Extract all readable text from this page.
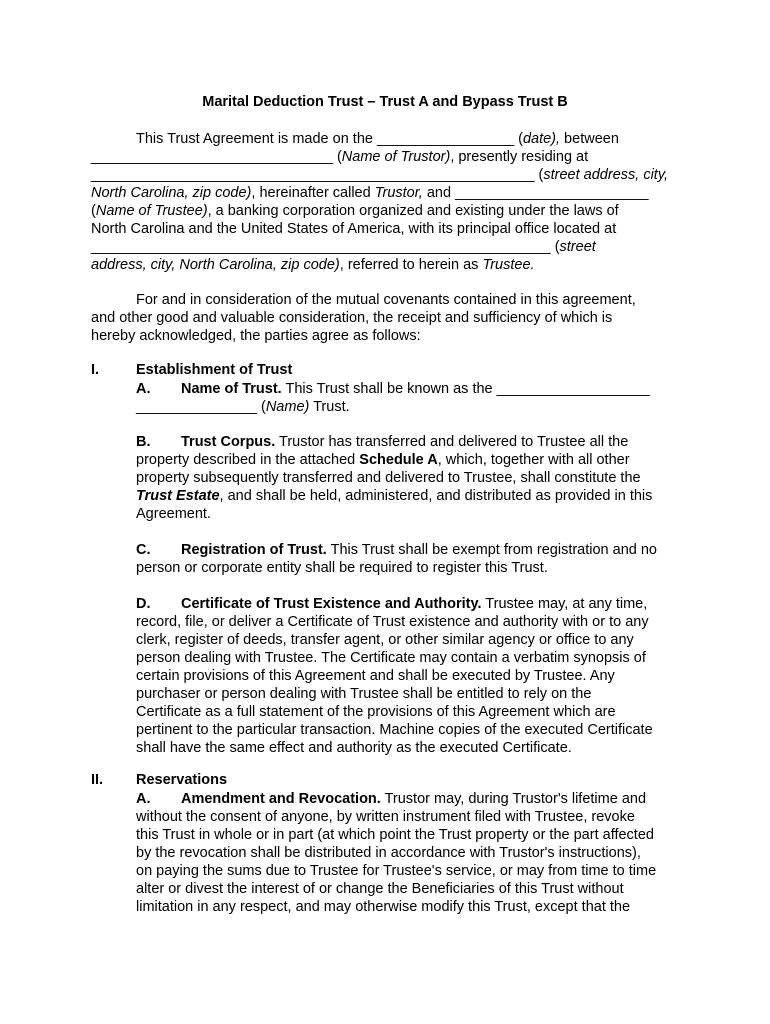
Marital Deduction Trust – Trust A and Bypass Trust B
This Trust Agreement is made on the _________________ (date), between
______________________________ (Name of Trustor), presently residing at
_______________________________________________________ (street address, city,
North Carolina, zip code), hereinafter called Trustor, and ________________________
(Name of Trustee), a banking corporation organized and existing under the laws of
North Carolina and the United States of America, with its principal office located at
_________________________________________________________ (street
address, city, North Carolina, zip code), referred to herein as Trustee.
For and in consideration of the mutual covenants contained in this agreement,
and other good and valuable consideration, the receipt and sufficiency of which is
hereby acknowledged, the parties agree as follows:
I.	Establishment of Trust
A.	Name of Trust. This Trust shall be known as the ___________________
_______________ (Name) Trust.
B.	Trust Corpus. Trustor has transferred and delivered to Trustee all the
property described in the attached Schedule A, which, together with all other
property subsequently transferred and delivered to Trustee, shall constitute the
Trust Estate, and shall be held, administered, and distributed as provided in this
Agreement.
C.	Registration of Trust. This Trust shall be exempt from registration and no
person or corporate entity shall be required to register this Trust.
D.	Certificate of Trust Existence and Authority. Trustee may, at any time,
record, file, or deliver a Certificate of Trust existence and authority with or to any
clerk, register of deeds, transfer agent, or other similar agency or office to any
person dealing with Trustee. The Certificate may contain a verbatim synopsis of
certain provisions of this Agreement and shall be executed by Trustee. Any
purchaser or person dealing with Trustee shall be entitled to rely on the
Certificate as a full statement of the provisions of this Agreement which are
pertinent to the particular transaction. Machine copies of the executed Certificate
shall have the same effect and authority as the executed Certificate.
II. Reservations
A.	Amendment and Revocation. Trustor may, during Trustor's lifetime and
without the consent of anyone, by written instrument filed with Trustee, revoke
this Trust in whole or in part (at which point the Trust property or the part affected
by the revocation shall be distributed in accordance with Trustor's instructions),
on paying the sums due to Trustee for Trustee's service, or may from time to time
alter or divest the interest of or change the Beneficiaries of this Trust without
limitation in any respect, and may otherwise modify this Trust, except that the
